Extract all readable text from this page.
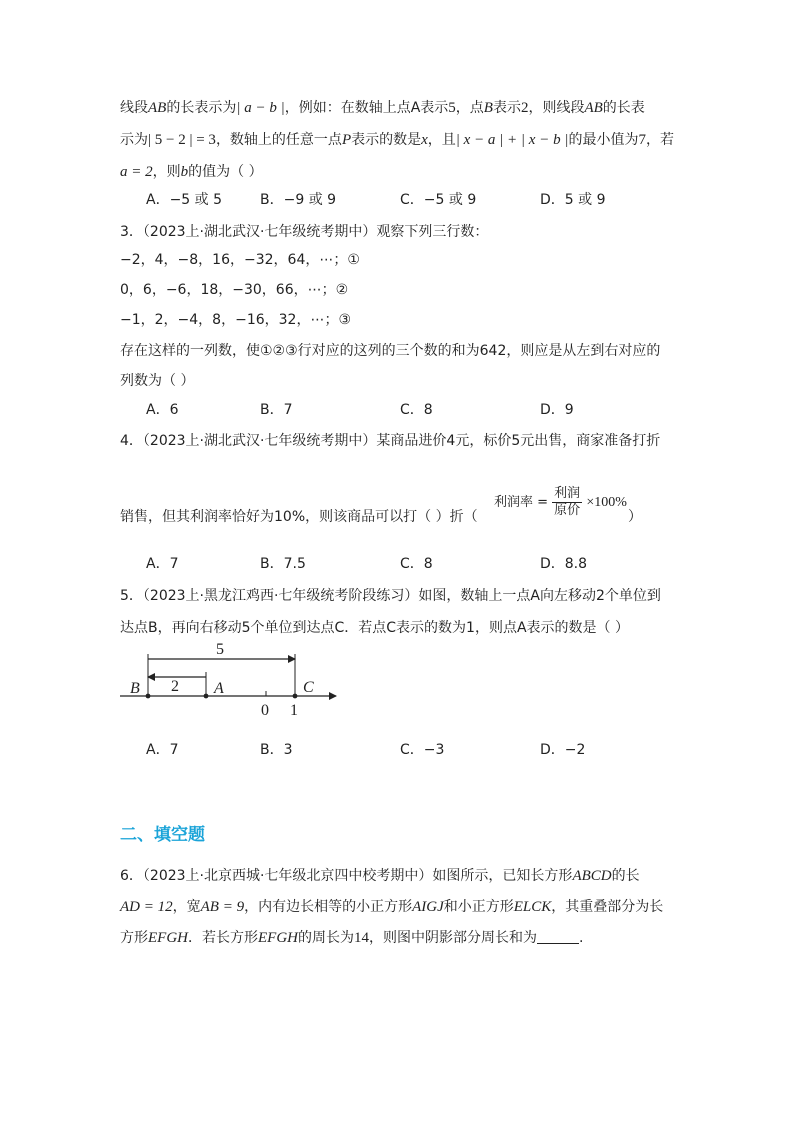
线段AB的长表示为| a − b |，例如：在数轴上点A表示5，点B表示2，则线段AB的长表
示为| 5 − 2 | = 3，数轴上的任意一点P表示的数是x，且| x − a | + | x − b |的最小值为7，若
a = 2，则b的值为（ ）
A．−5 或 5	B．−9 或 9	C．−5 或 9	D．5 或 9
3．（2023上·湖北武汉·七年级统考期中）观察下列三行数：
−2，4，−8，16，−32，64，⋯；①
0，6，−6，18，−30，66，⋯；②
−1，2，−4，8，−16，32，⋯；③
存在这样的一列数，使①②③行对应的这列的三个数的和为642，则应是从左到右对应的
列数为（ ）
A．6	B．7	C．8	D．9
4．（2023上·湖北武汉·七年级统考期中）某商品进价4元，标价5元出售，商家准备打折
销售，但其利润率恰好为10%，则该商品可以打（ ）折（
利润率 = $\frac{\text{利润}}{\text{原价}} \times 100\%$
）
A．7	B．7.5	C．8	D．8.8
5．（2023上·黑龙江鸡西·七年级统考阶段练习）如图，数轴上一点A向左移动2个单位到
达点B，再向右移动5个单位到达点C．若点C表示的数为1，则点A表示的数是（ ）
5
2
B	A	C
0 1
A．7	B．3	C．−3	D．−2
二、填空题
6．（2023上·北京西城·七年级北京四中校考期中）如图所示，已知长方形ABCD的长
AD = 12，宽AB = 9，内有边长相等的小正方形AIGJ和小正方形ELCK，其重叠部分为长
方形EFGH．若长方形EFGH的周长为14，则图中阴影部分周长和为	.
